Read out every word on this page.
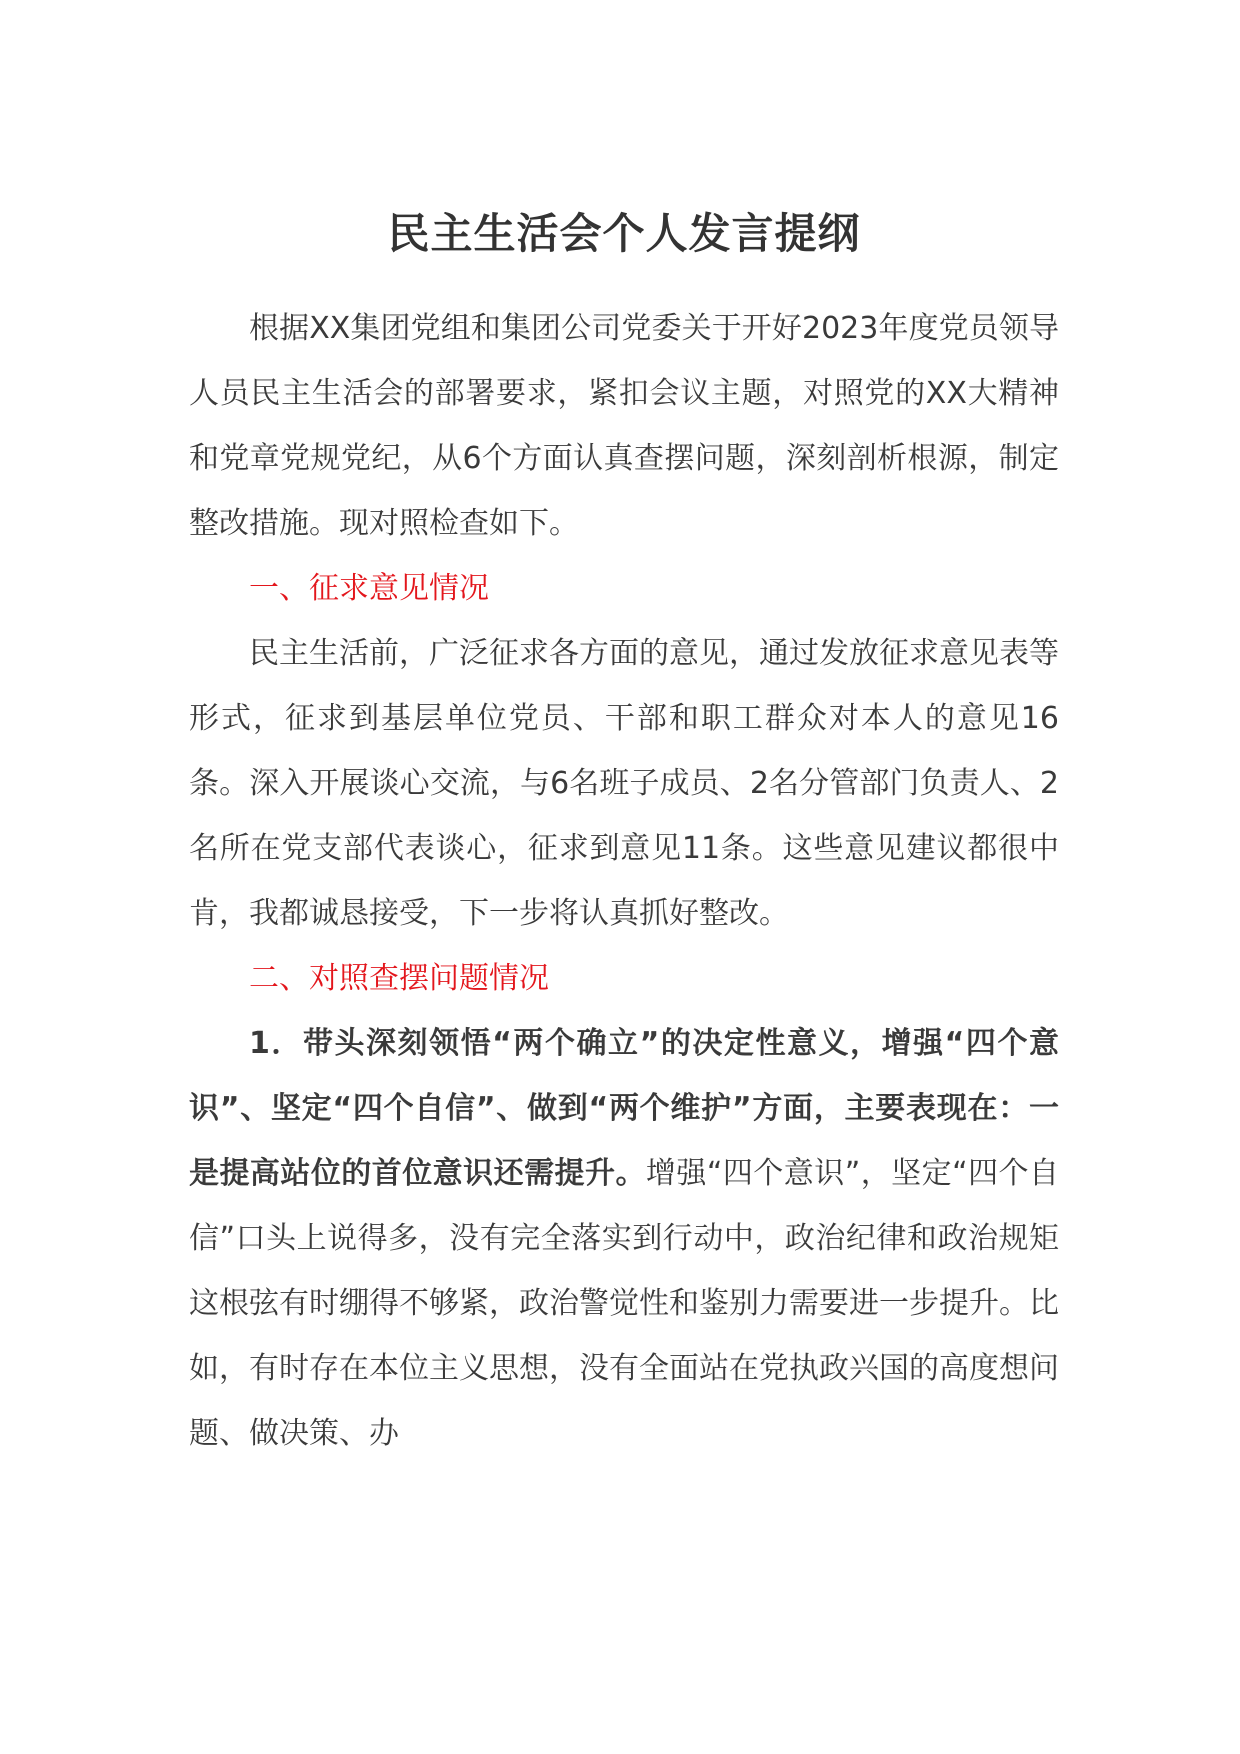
民主生活会个人发言提纲

根据XX集团党组和集团公司党委关于开好2023年度党员领导人员民主生活会的部署要求，紧扣会议主题，对照党的XX大精神和党章党规党纪，从6个方面认真查摆问题，深刻剖析根源，制定整改措施。现对照检查如下。

一、征求意见情况

民主生活前，广泛征求各方面的意见，通过发放征求意见表等形式，征求到基层单位党员、干部和职工群众对本人的意见16条。深入开展谈心交流，与6名班子成员、2名分管部门负责人、2名所在党支部代表谈心，征求到意见11条。这些意见建议都很中肯，我都诚恳接受，下一步将认真抓好整改。

二、对照查摆问题情况

1．带头深刻领悟“两个确立”的决定性意义，增强“四个意识”、坚定“四个自信”、做到“两个维护”方面，主要表现在：一是提高站位的首位意识还需提升。增强“四个意识”，坚定“四个自信”口头上说得多，没有完全落实到行动中，政治纪律和政治规矩这根弦有时绷得不够紧，政治警觉性和鉴别力需要进一步提升。比如，有时存在本位主义思想，没有全面站在党执政兴国的高度想问题、做决策、办
